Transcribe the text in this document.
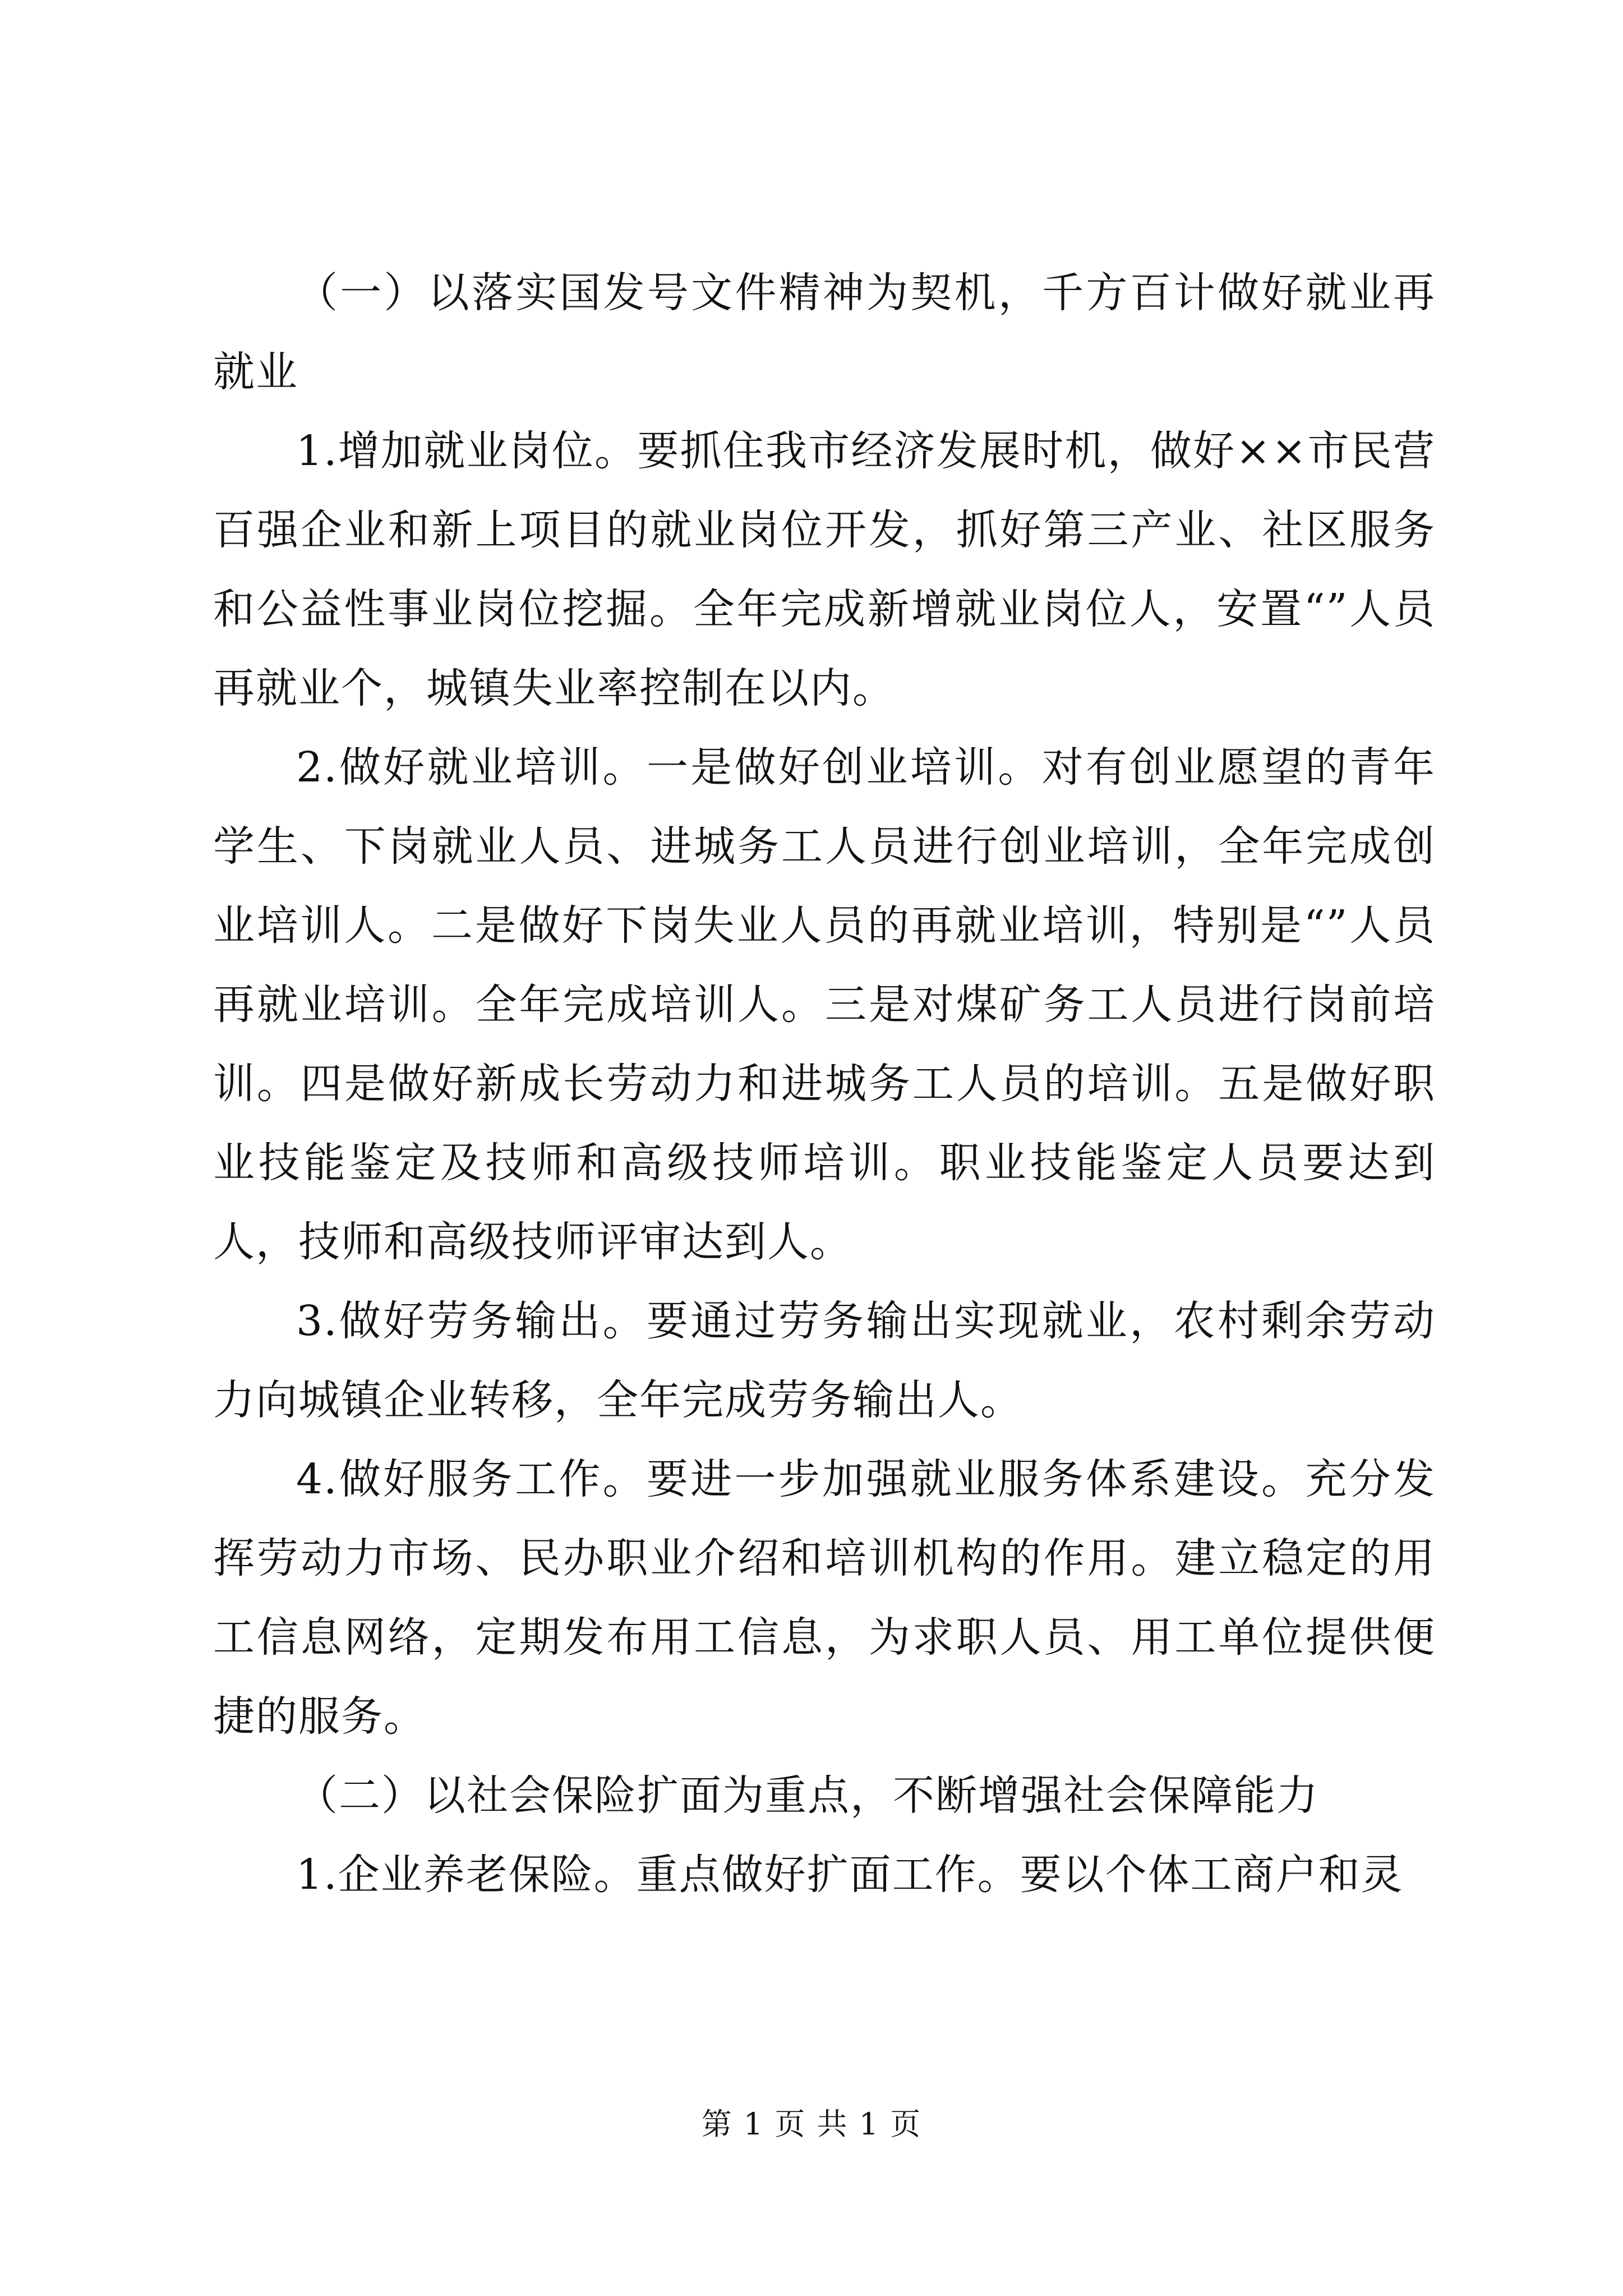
（一）以落实国发号文件精神为契机，千方百计做好就业再就业

1.增加就业岗位。要抓住我市经济发展时机，做好××市民营百强企业和新上项目的就业岗位开发，抓好第三产业、社区服务和公益性事业岗位挖掘。全年完成新增就业岗位人，安置“”人员再就业个，城镇失业率控制在以内。

2.做好就业培训。一是做好创业培训。对有创业愿望的青年学生、下岗就业人员、进城务工人员进行创业培训，全年完成创业培训人。二是做好下岗失业人员的再就业培训，特别是“”人员再就业培训。全年完成培训人。三是对煤矿务工人员进行岗前培训。四是做好新成长劳动力和进城务工人员的培训。五是做好职业技能鉴定及技师和高级技师培训。职业技能鉴定人员要达到人，技师和高级技师评审达到人。

3.做好劳务输出。要通过劳务输出实现就业，农村剩余劳动力向城镇企业转移，全年完成劳务输出人。

4.做好服务工作。要进一步加强就业服务体系建设。充分发挥劳动力市场、民办职业介绍和培训机构的作用。建立稳定的用工信息网络，定期发布用工信息，为求职人员、用工单位提供便捷的服务。

（二）以社会保险扩面为重点，不断增强社会保障能力

1.企业养老保险。重点做好扩面工作。要以个体工商户和灵

第 1 页 共 1 页
